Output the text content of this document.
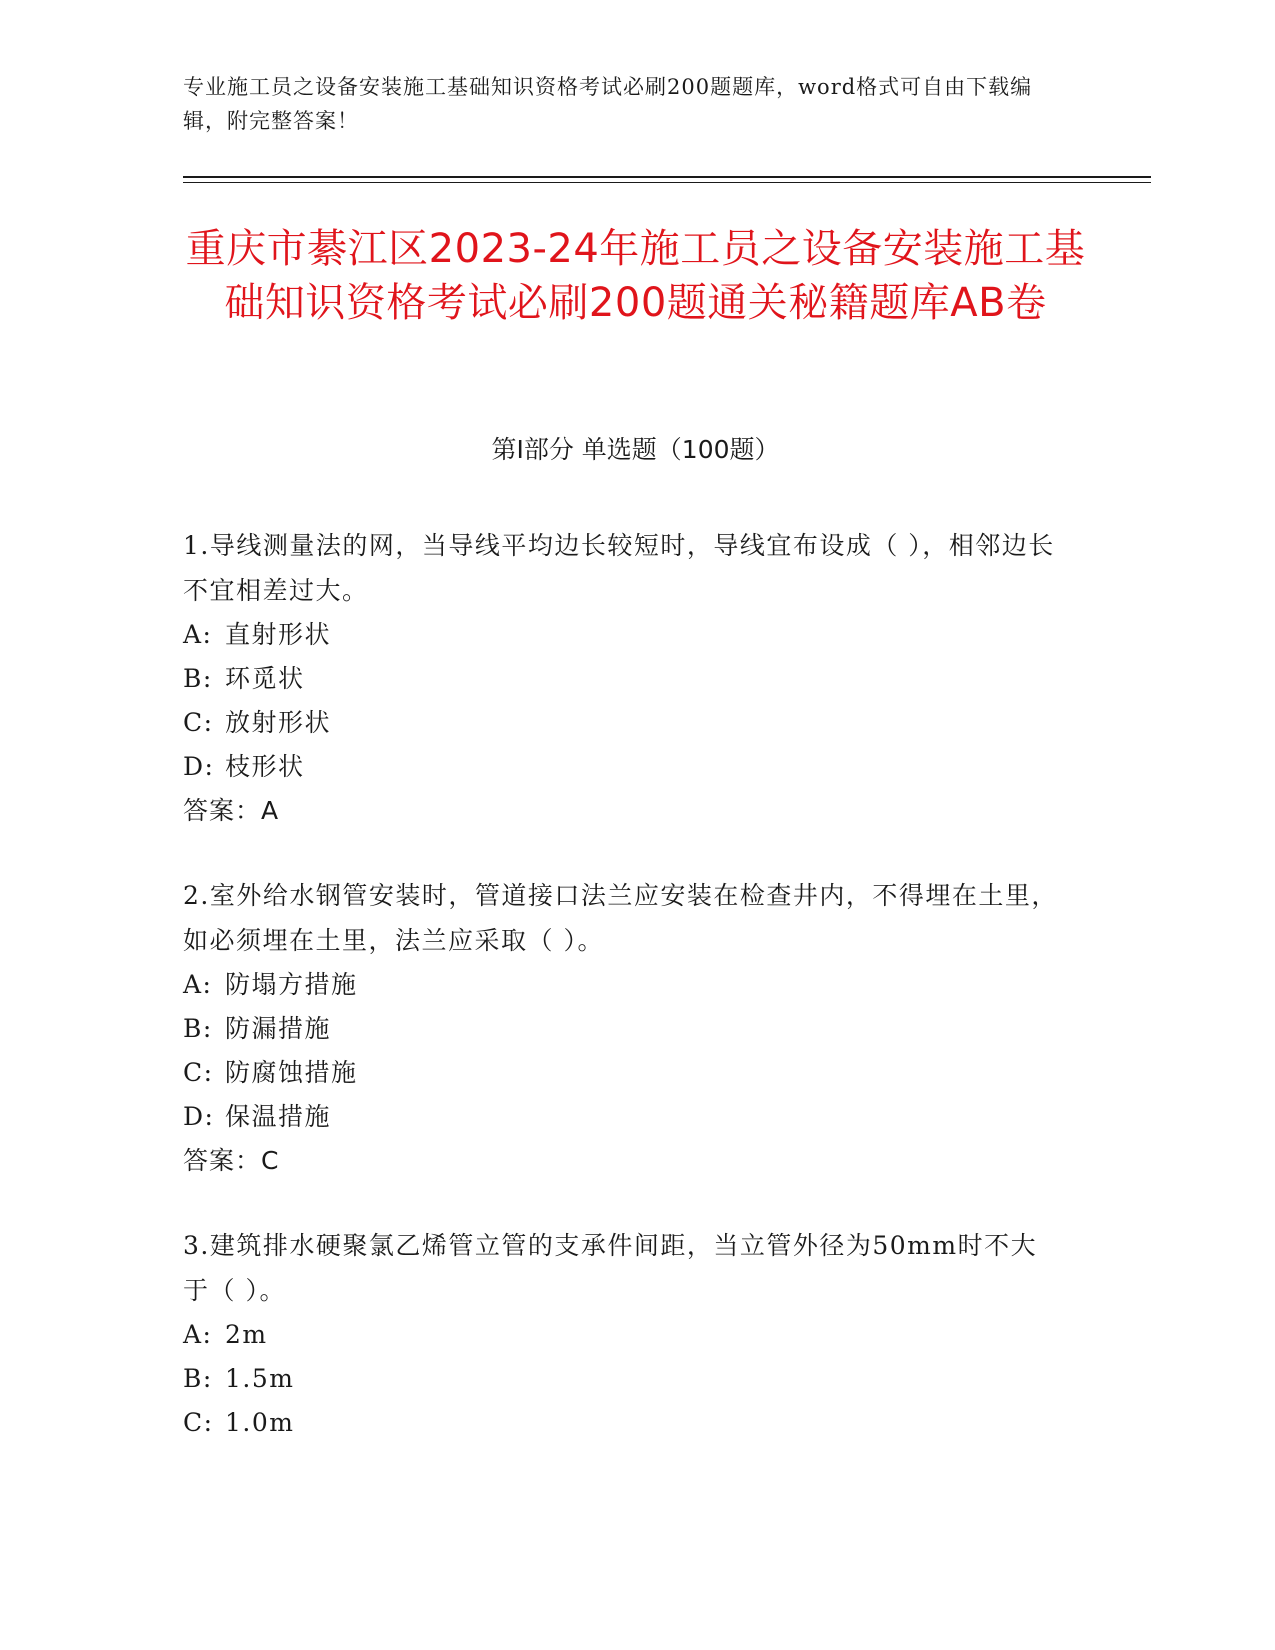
专业施工员之设备安装施工基础知识资格考试必刷200题题库，word格式可自由下载编辑，附完整答案！
重庆市綦江区2023-24年施工员之设备安装施工基础知识资格考试必刷200题通关秘籍题库AB卷
第I部分 单选题（100题）

1.导线测量法的网，当导线平均边长较短时，导线宜布设成（ ），相邻边长不宜相差过大。

A: 直射形状
B: 环觅状
C: 放射形状
D: 枝形状
答案：A

2.室外给水钢管安装时，管道接口法兰应安装在检查井内，不得埋在土里，如必须埋在土里，法兰应采取（ ）。

A: 防塌方措施
B: 防漏措施
C: 防腐蚀措施
D: 保温措施
答案：C

3.建筑排水硬聚氯乙烯管立管的支承件间距，当立管外径为50mm时不大于（ ）。

A: 2m
B: 1.5m
C: 1.0m
